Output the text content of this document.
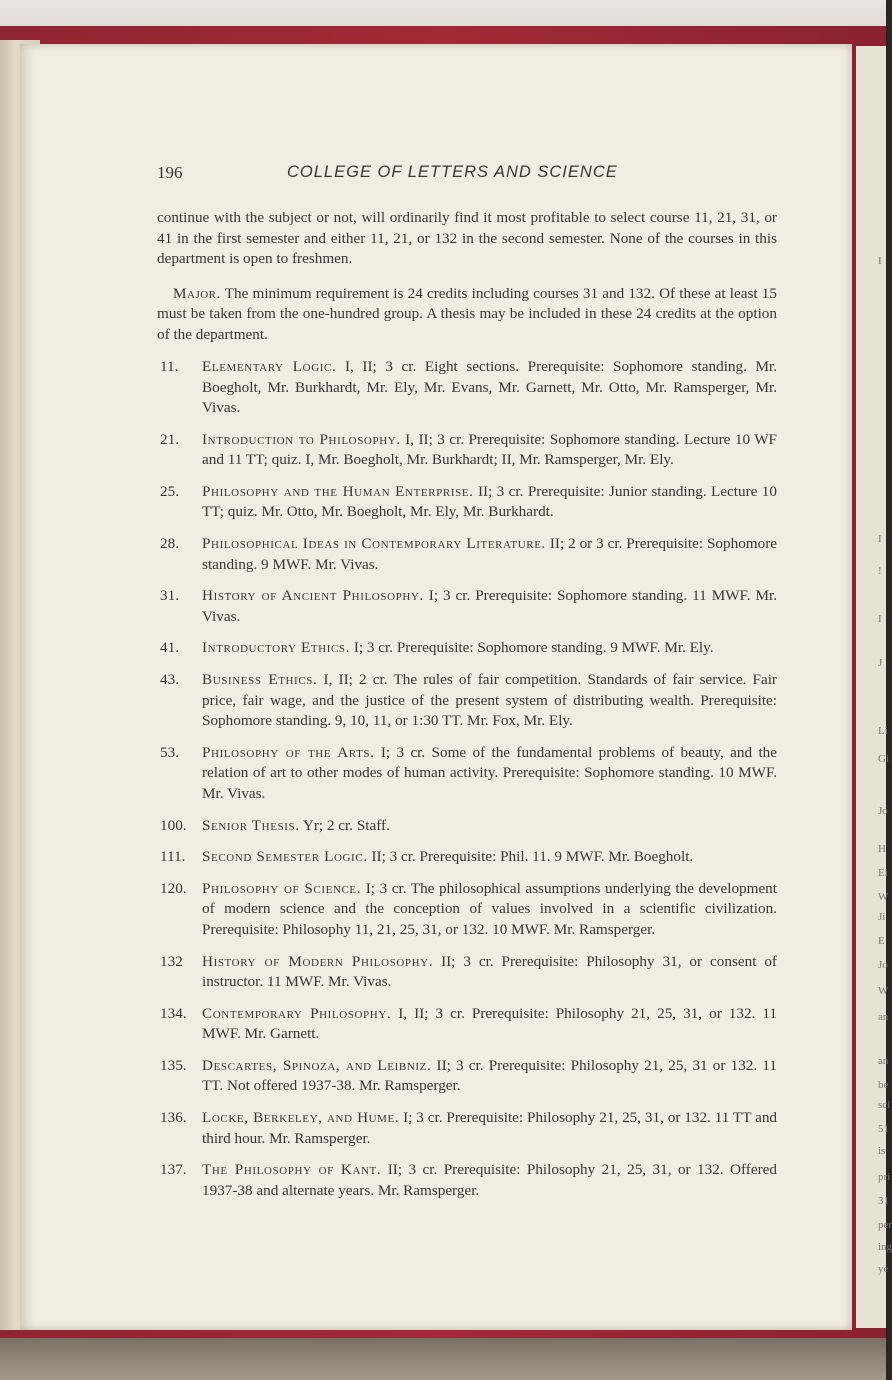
I
I
!
I
J
Li
Gi
Jo
H
Ei
W
Ji
E
Jo
W
an
an
be
scl
51
is
pri
31
per
ing
ye
196	COLLEGE OF LETTERS AND SCIENCE

continue with the subject or not, will ordinarily find it most profitable to select course 11, 21, 31, or 41 in the first semester and either 11, 21, or 132 in the second semester. None of the courses in this department is open to freshmen.

Major. The minimum requirement is 24 credits including courses 31 and 132. Of these at least 15 must be taken from the one-hundred group. A thesis may be included in these 24 credits at the option of the department.

11. Elementary Logic. I, II; 3 cr. Eight sections. Prerequisite: Sophomore standing. Mr. Boegholt, Mr. Burkhardt, Mr. Ely, Mr. Evans, Mr. Garnett, Mr. Otto, Mr. Ramsperger, Mr. Vivas.
21. Introduction to Philosophy. I, II; 3 cr. Prerequisite: Sophomore standing. Lecture 10 WF and 11 TT; quiz. I, Mr. Boegholt, Mr. Burkhardt; II, Mr. Ramsperger, Mr. Ely.
25. Philosophy and the Human Enterprise. II; 3 cr. Prerequisite: Junior standing. Lecture 10 TT; quiz. Mr. Otto, Mr. Boegholt, Mr. Ely, Mr. Burkhardt.
28. Philosophical Ideas in Contemporary Literature. II; 2 or 3 cr. Prerequisite: Sophomore standing. 9 MWF. Mr. Vivas.
31. History of Ancient Philosophy. I; 3 cr. Prerequisite: Sophomore standing. 11 MWF. Mr. Vivas.
41. Introductory Ethics. I; 3 cr. Prerequisite: Sophomore standing. 9 MWF. Mr. Ely.
43. Business Ethics. I, II; 2 cr. The rules of fair competition. Standards of fair service. Fair price, fair wage, and the justice of the present system of distributing wealth. Prerequisite: Sophomore standing. 9, 10, 11, or 1:30 TT. Mr. Fox, Mr. Ely.
53. Philosophy of the Arts. I; 3 cr. Some of the fundamental problems of beauty, and the relation of art to other modes of human activity. Prerequisite: Sophomore standing. 10 MWF. Mr. Vivas.
100. Senior Thesis. Yr; 2 cr. Staff.
111. Second Semester Logic. II; 3 cr. Prerequisite: Phil. 11. 9 MWF. Mr. Boegholt.
120. Philosophy of Science. I; 3 cr. The philosophical assumptions underlying the development of modern science and the conception of values involved in a scientific civilization. Prerequisite: Philosophy 11, 21, 25, 31, or 132. 10 MWF. Mr. Ramsperger.
132 History of Modern Philosophy. II; 3 cr. Prerequisite: Philosophy 31, or consent of instructor. 11 MWF. Mr. Vivas.
134. Contemporary Philosophy. I, II; 3 cr. Prerequisite: Philosophy 21, 25, 31, or 132. 11 MWF. Mr. Garnett.
135. Descartes, Spinoza, and Leibniz. II; 3 cr. Prerequisite: Philosophy 21, 25, 31 or 132. 11 TT. Not offered 1937-38. Mr. Ramsperger.
136. Locke, Berkeley, and Hume. I; 3 cr. Prerequisite: Philosophy 21, 25, 31, or 132. 11 TT and third hour. Mr. Ramsperger.
137. The Philosophy of Kant. II; 3 cr. Prerequisite: Philosophy 21, 25, 31, or 132. Offered 1937-38 and alternate years. Mr. Ramsperger.
